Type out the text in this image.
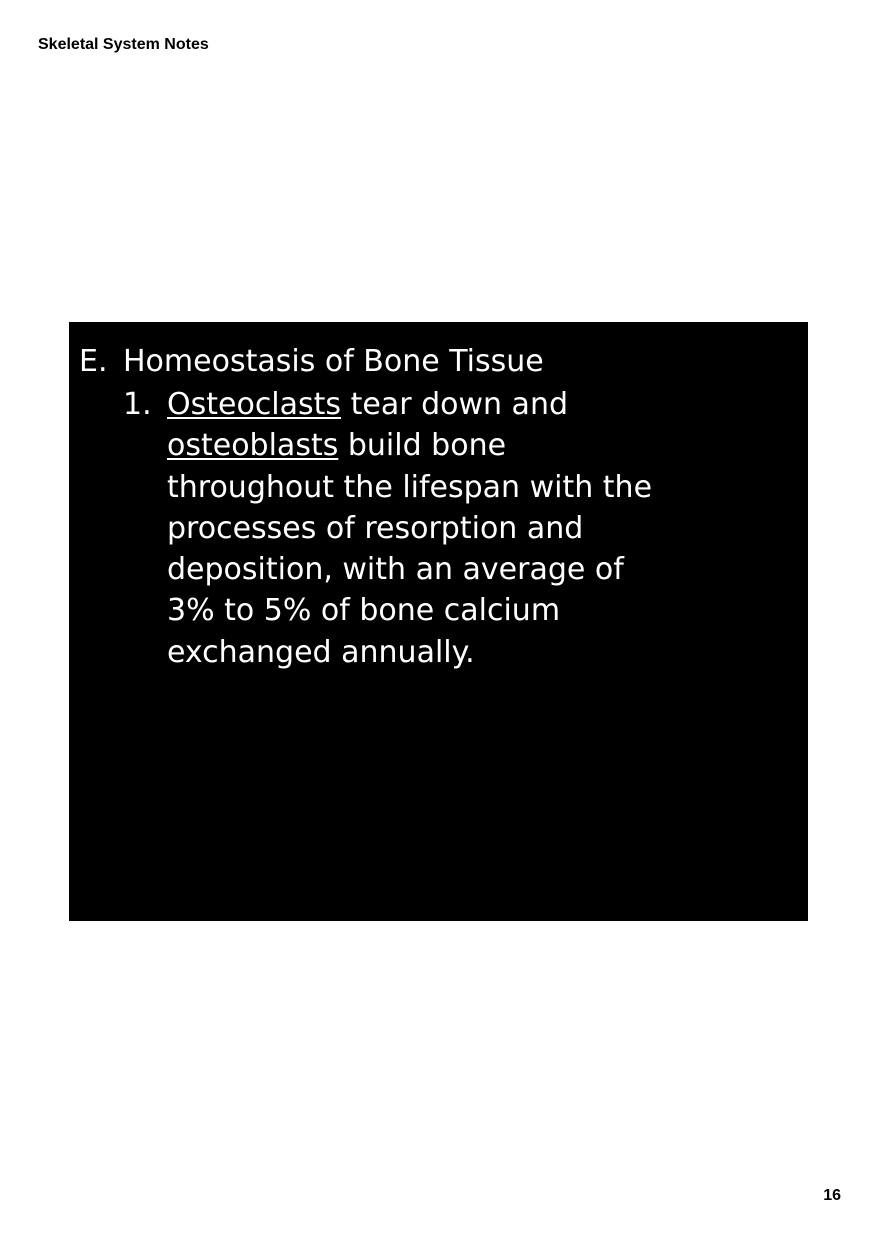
Skeletal System Notes
E. Homeostasis of Bone Tissue
1. Osteoclasts tear down and
osteoblasts build bone
throughout the lifespan with the
processes of resorption and
deposition, with an average of
3% to 5% of bone calcium
exchanged annually.
16
